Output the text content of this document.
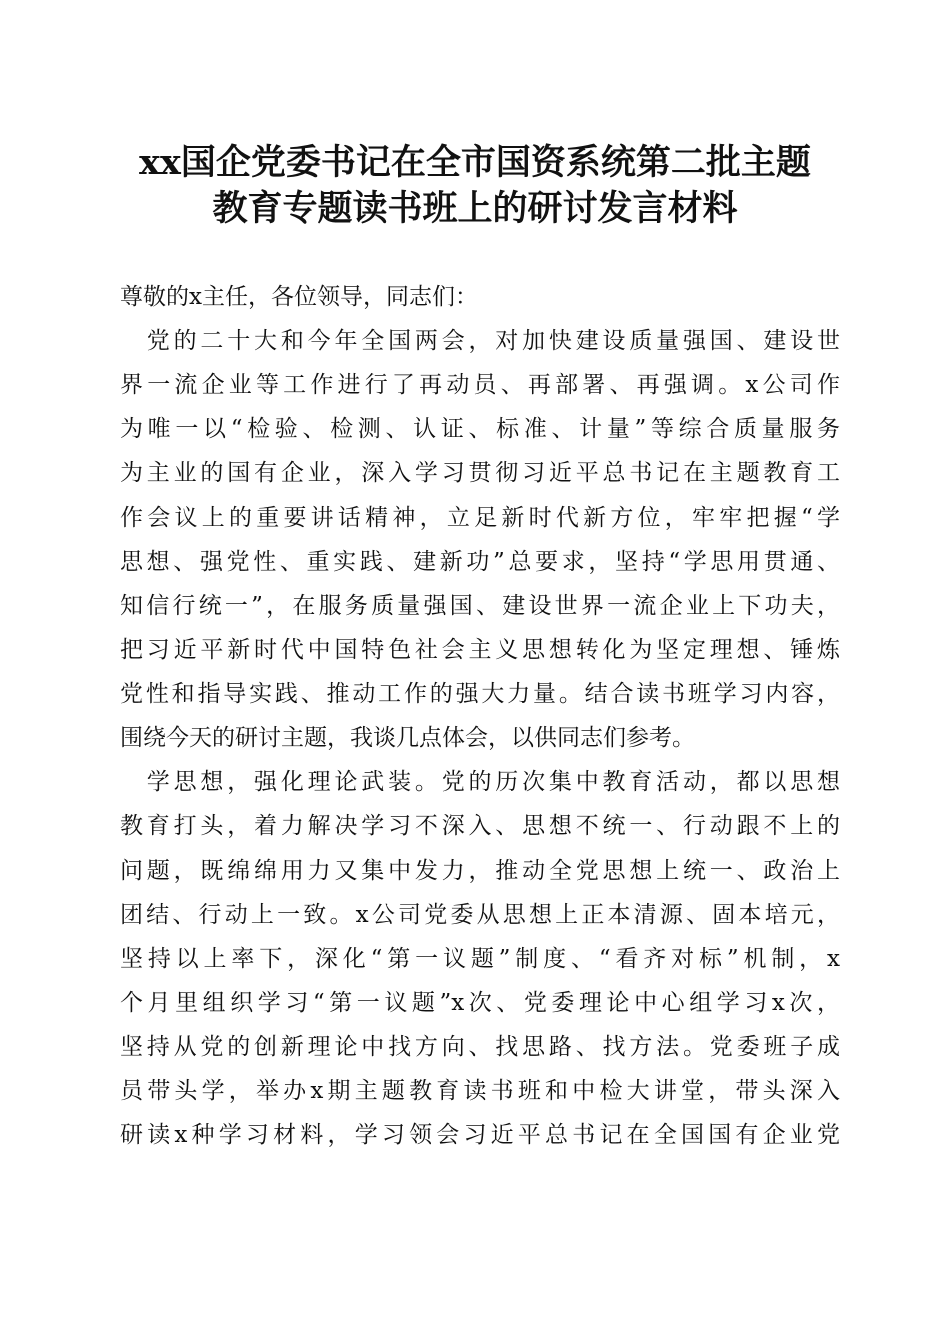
xx国企党委书记在全市国资系统第二批主题
教育专题读书班上的研讨发言材料

尊敬的x主任，各位领导，同志们：

　党的二十大和今年全国两会，对加快建设质量强国、建设世

界一流企业等工作进行了再动员、再部署、再强调。x公司作

为唯一以“检验、检测、认证、标准、计量”等综合质量服务

为主业的国有企业，深入学习贯彻习近平总书记在主题教育工

作会议上的重要讲话精神，立足新时代新方位，牢牢把握“学

思想、强党性、重实践、建新功”总要求，坚持“学思用贯通、

知信行统一”，在服务质量强国、建设世界一流企业上下功夫，

把习近平新时代中国特色社会主义思想转化为坚定理想、锤炼

党性和指导实践、推动工作的强大力量。结合读书班学习内容，

围绕今天的研讨主题，我谈几点体会，以供同志们参考。

　学思想，强化理论武装。党的历次集中教育活动，都以思想

教育打头，着力解决学习不深入、思想不统一、行动跟不上的

问题，既绵绵用力又集中发力，推动全党思想上统一、政治上

团结、行动上一致。x公司党委从思想上正本清源、固本培元，

坚持以上率下，深化“第一议题”制度、“看齐对标”机制，x

个月里组织学习“第一议题”x次、党委理论中心组学习x次，

坚持从党的创新理论中找方向、找思路、找方法。党委班子成

员带头学，举办x期主题教育读书班和中检大讲堂，带头深入

研读x种学习材料，学习领会习近平总书记在全国国有企业党
